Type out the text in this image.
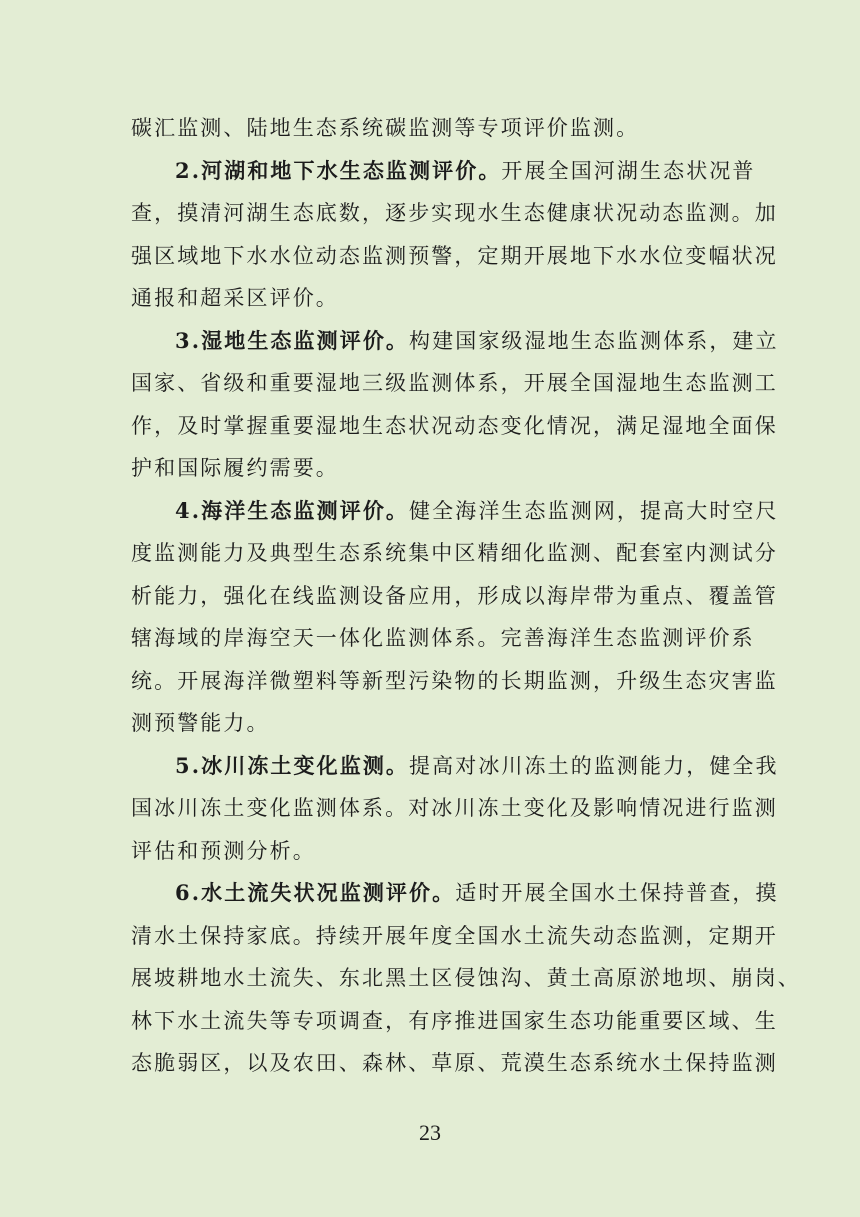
碳汇监测、陆地生态系统碳监测等专项评价监测。
2.河湖和地下水生态监测评价。开展全国河湖生态状况普
查，摸清河湖生态底数，逐步实现水生态健康状况动态监测。加
强区域地下水水位动态监测预警，定期开展地下水水位变幅状况
通报和超采区评价。
3.湿地生态监测评价。构建国家级湿地生态监测体系，建立
国家、省级和重要湿地三级监测体系，开展全国湿地生态监测工
作，及时掌握重要湿地生态状况动态变化情况，满足湿地全面保
护和国际履约需要。
4.海洋生态监测评价。健全海洋生态监测网，提高大时空尺
度监测能力及典型生态系统集中区精细化监测、配套室内测试分
析能力，强化在线监测设备应用，形成以海岸带为重点、覆盖管
辖海域的岸海空天一体化监测体系。完善海洋生态监测评价系
统。开展海洋微塑料等新型污染物的长期监测，升级生态灾害监
测预警能力。
5.冰川冻土变化监测。提高对冰川冻土的监测能力，健全我
国冰川冻土变化监测体系。对冰川冻土变化及影响情况进行监测
评估和预测分析。
6.水土流失状况监测评价。适时开展全国水土保持普查，摸
清水土保持家底。持续开展年度全国水土流失动态监测，定期开
展坡耕地水土流失、东北黑土区侵蚀沟、黄土高原淤地坝、崩岗、
林下水土流失等专项调查，有序推进国家生态功能重要区域、生
态脆弱区，以及农田、森林、草原、荒漠生态系统水土保持监测
23
